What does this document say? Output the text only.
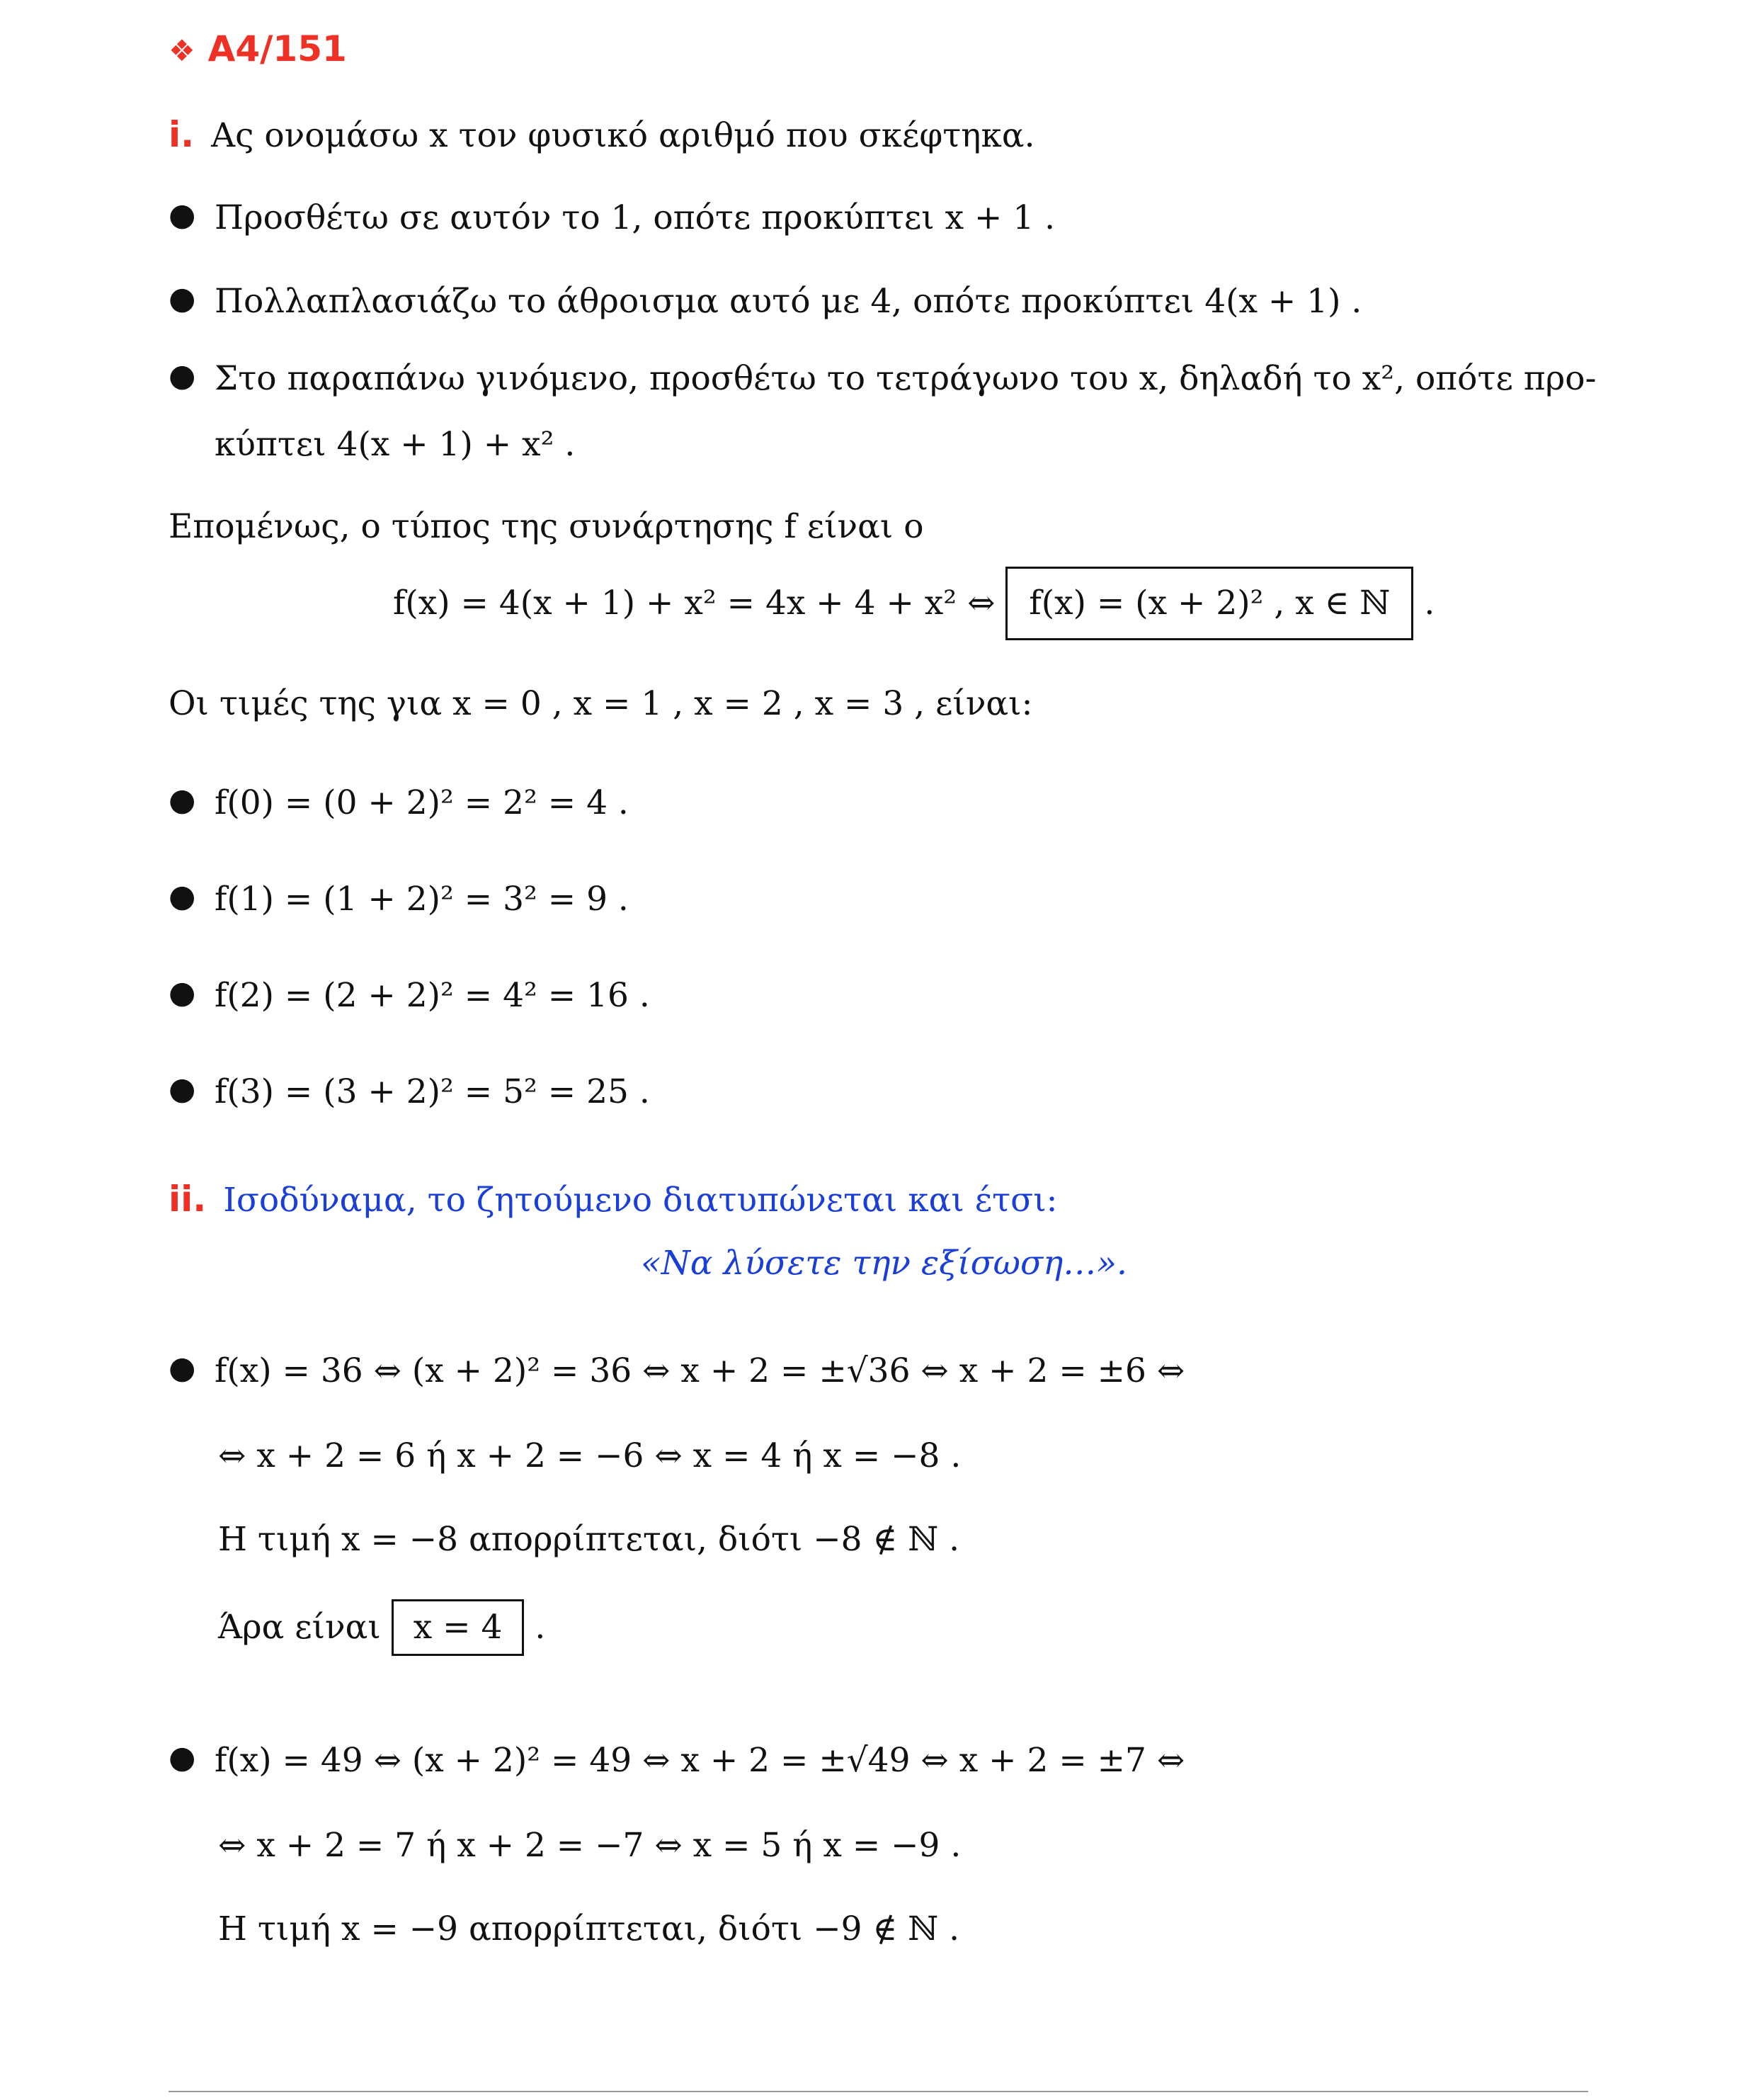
❖ A4/151
i. Ας ονομάσω x τον φυσικό αριθμό που σκέφτηκα.
● Προσθέτω σε αυτόν το 1, οπότε προκύπτει x + 1 .
● Πολλαπλασιάζω το άθροισμα αυτό με 4, οπότε προκύπτει 4(x + 1) .
● Στο παραπάνω γινόμενο, προσθέτω το τετράγωνο του x, δηλαδή το x², οπότε προ-
κύπτει 4(x + 1) + x² .
Επομένως, ο τύπος της συνάρτησης f είναι ο
f(x) = 4(x + 1) + x² = 4x + 4 + x² ⇔ f(x) = (x + 2)² , x ∈ ℕ .
Οι τιμές της για x = 0 , x = 1 , x = 2 , x = 3 , είναι:
● f(0) = (0 + 2)² = 2² = 4 .
● f(1) = (1 + 2)² = 3² = 9 .
● f(2) = (2 + 2)² = 4² = 16 .
● f(3) = (3 + 2)² = 5² = 25 .
ii. Ισοδύναμα, το ζητούμενο διατυπώνεται και έτσι:
«Να λύσετε την εξίσωση…».
● f(x) = 36 ⇔ (x + 2)² = 36 ⇔ x + 2 = ±√36 ⇔ x + 2 = ±6 ⇔
⇔ x + 2 = 6 ή x + 2 = −6 ⇔ x = 4 ή x = −8 .
Η τιμή x = −8 απορρίπτεται, διότι −8 ∉ ℕ .
Άρα είναι x = 4 .
● f(x) = 49 ⇔ (x + 2)² = 49 ⇔ x + 2 = ±√49 ⇔ x + 2 = ±7 ⇔
⇔ x + 2 = 7 ή x + 2 = −7 ⇔ x = 5 ή x = −9 .
Η τιμή x = −9 απορρίπτεται, διότι −9 ∉ ℕ .
